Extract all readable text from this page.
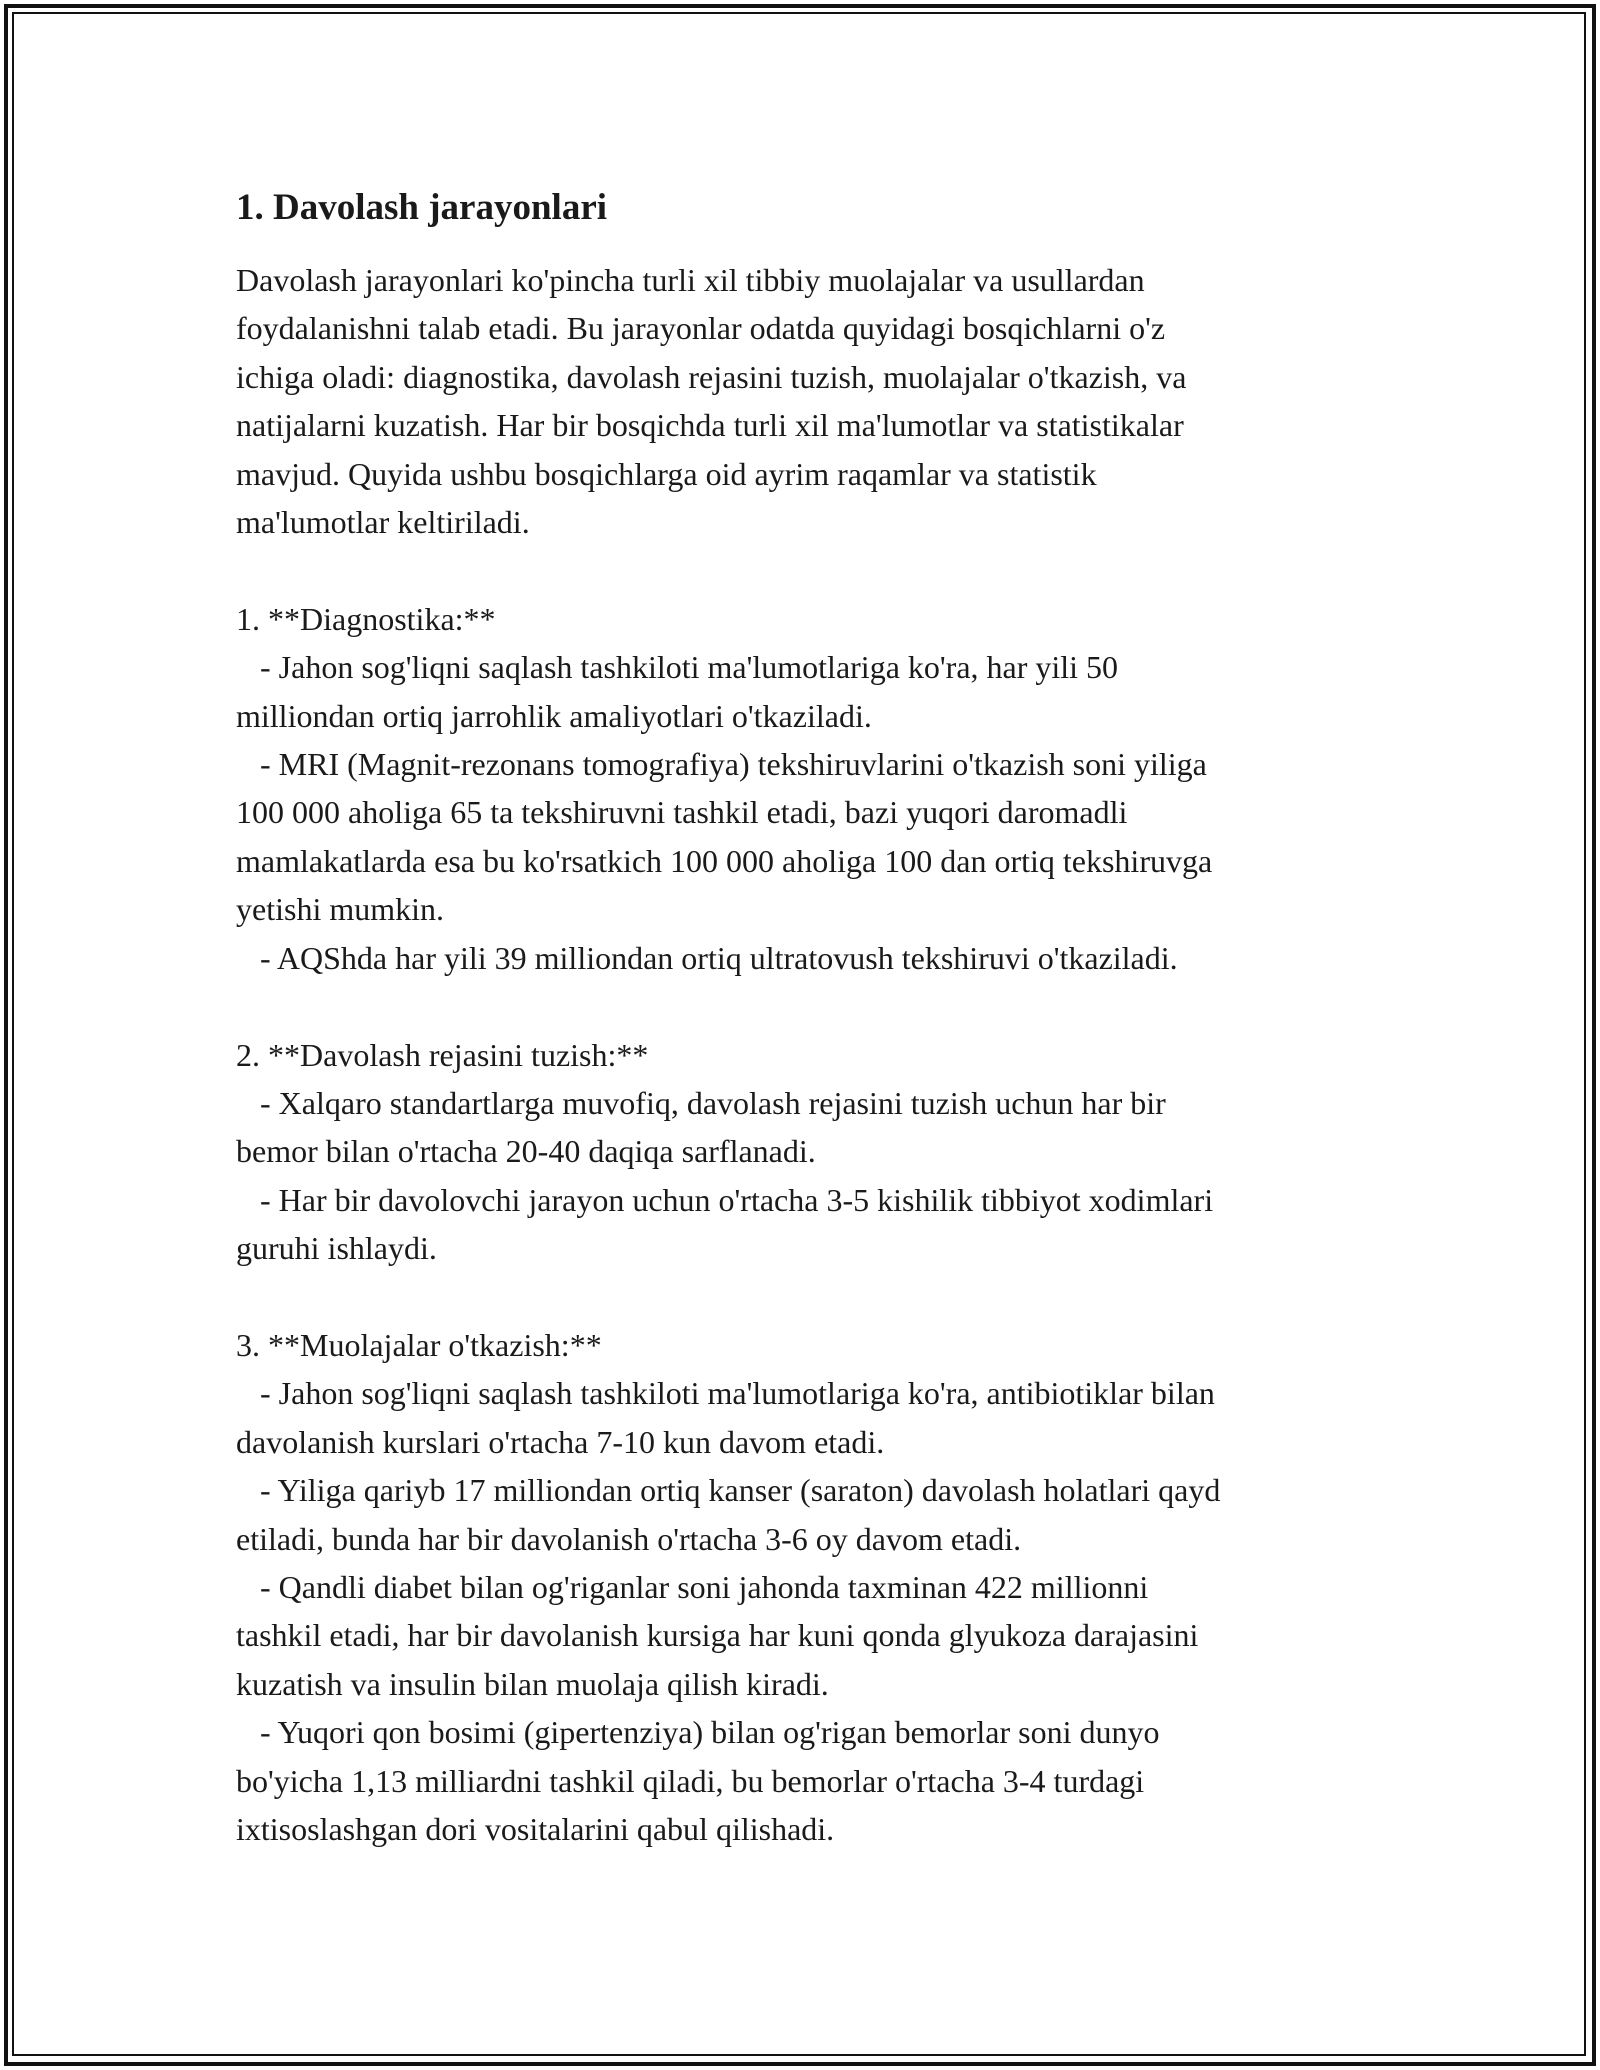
1. Davolash jarayonlari

Davolash jarayonlari ko'pincha turli xil tibbiy muolajalar va usullardan
foydalanishni talab etadi. Bu jarayonlar odatda quyidagi bosqichlarni o'z
ichiga oladi: diagnostika, davolash rejasini tuzish, muolajalar o'tkazish, va
natijalarni kuzatish. Har bir bosqichda turli xil ma'lumotlar va statistikalar
mavjud. Quyida ushbu bosqichlarga oid ayrim raqamlar va statistik
ma'lumotlar keltiriladi.

1. **Diagnostika:**
- Jahon sog'liqni saqlash tashkiloti ma'lumotlariga ko'ra, har yili 50
milliondan ortiq jarrohlik amaliyotlari o'tkaziladi.
- MRI (Magnit-rezonans tomografiya) tekshiruvlarini o'tkazish soni yiliga
100 000 aholiga 65 ta tekshiruvni tashkil etadi, bazi yuqori daromadli
mamlakatlarda esa bu ko'rsatkich 100 000 aholiga 100 dan ortiq tekshiruvga
yetishi mumkin.
- AQShda har yili 39 milliondan ortiq ultratovush tekshiruvi o'tkaziladi.

2. **Davolash rejasini tuzish:**
- Xalqaro standartlarga muvofiq, davolash rejasini tuzish uchun har bir
bemor bilan o'rtacha 20-40 daqiqa sarflanadi.
- Har bir davolovchi jarayon uchun o'rtacha 3-5 kishilik tibbiyot xodimlari
guruhi ishlaydi.

3. **Muolajalar o'tkazish:**
- Jahon sog'liqni saqlash tashkiloti ma'lumotlariga ko'ra, antibiotiklar bilan
davolanish kurslari o'rtacha 7-10 kun davom etadi.
- Yiliga qariyb 17 milliondan ortiq kanser (saraton) davolash holatlari qayd
etiladi, bunda har bir davolanish o'rtacha 3-6 oy davom etadi.
- Qandli diabet bilan og'riganlar soni jahonda taxminan 422 millionni
tashkil etadi, har bir davolanish kursiga har kuni qonda glyukoza darajasini
kuzatish va insulin bilan muolaja qilish kiradi.
- Yuqori qon bosimi (gipertenziya) bilan og'rigan bemorlar soni dunyo
bo'yicha 1,13 milliardni tashkil qiladi, bu bemorlar o'rtacha 3-4 turdagi
ixtisoslashgan dori vositalarini qabul qilishadi.
